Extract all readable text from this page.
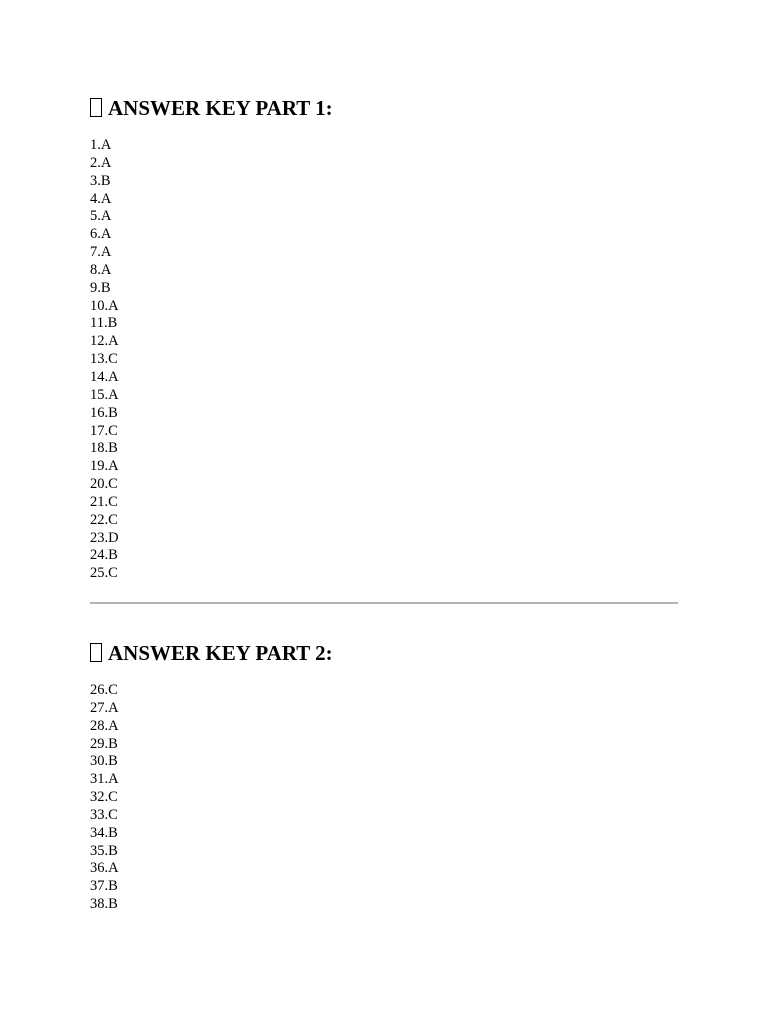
ANSWER KEY PART 1:
1.A
2.A
3.B
4.A
5.A
6.A
7.A
8.A
9.B
10.A
11.B
12.A
13.C
14.A
15.A
16.B
17.C
18.B
19.A
20.C
21.C
22.C
23.D
24.B
25.C
ANSWER KEY PART 2:
26.C
27.A
28.A
29.B
30.B
31.A
32.C
33.C
34.B
35.B
36.A
37.B
38.B
